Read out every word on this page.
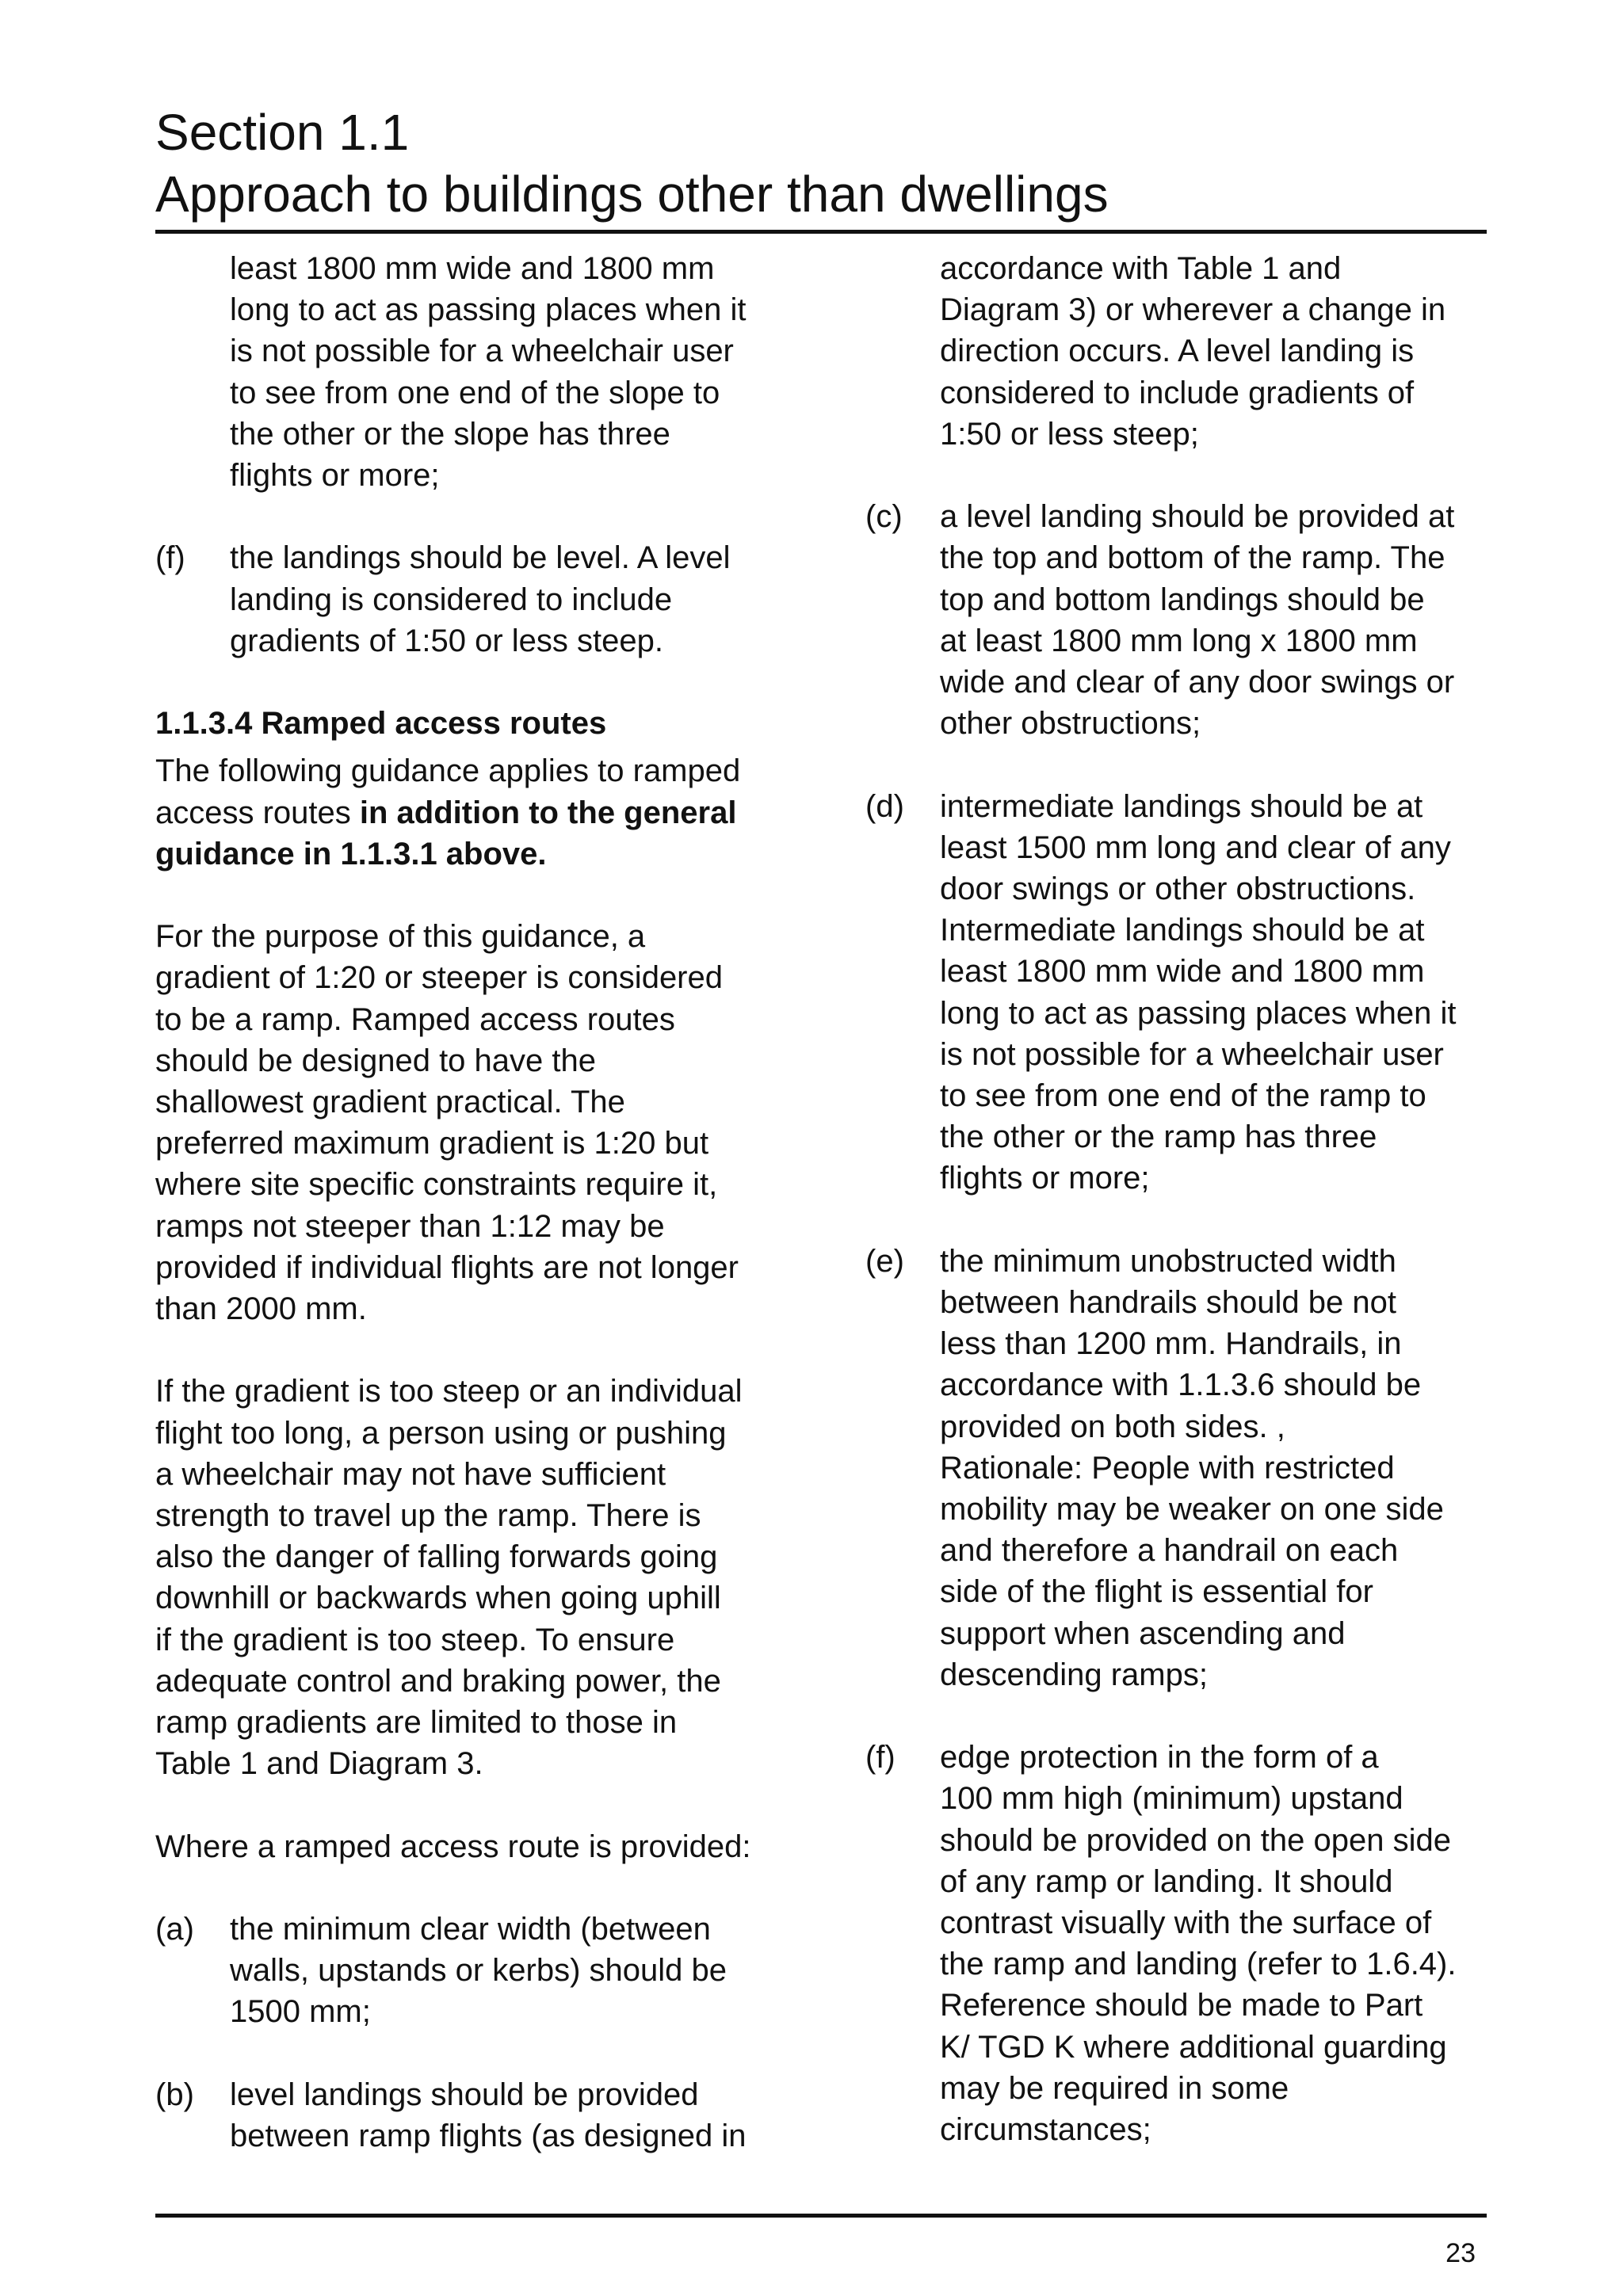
Section 1.1
Approach to buildings other than dwellings
least 1800 mm wide and 1800 mm
long to act as passing places when it
is not possible for a wheelchair user
to see from one end of the slope to
the other or the slope has three
flights or more;
(f) the landings should be level. A level
landing is considered to include
gradients of 1:50 or less steep.
1.1.3.4 Ramped access routes
The following guidance applies to ramped
access routes in addition to the general
guidance in 1.1.3.1 above.
For the purpose of this guidance, a
gradient of 1:20 or steeper is considered
to be a ramp. Ramped access routes
should be designed to have the
shallowest gradient practical. The
preferred maximum gradient is 1:20 but
where site specific constraints require it,
ramps not steeper than 1:12 may be
provided if individual flights are not longer
than 2000 mm.
If the gradient is too steep or an individual
flight too long, a person using or pushing
a wheelchair may not have sufficient
strength to travel up the ramp. There is
also the danger of falling forwards going
downhill or backwards when going uphill
if the gradient is too steep. To ensure
adequate control and braking power, the
ramp gradients are limited to those in
Table 1 and Diagram 3.
Where a ramped access route is provided:
(a) the minimum clear width (between
walls, upstands or kerbs) should be
1500 mm;
(b) level landings should be provided
between ramp flights (as designed in
accordance with Table 1 and
Diagram 3) or wherever a change in
direction occurs. A level landing is
considered to include gradients of
1:50 or less steep;
(c) a level landing should be provided at
the top and bottom of the ramp. The
top and bottom landings should be
at least 1800 mm long x 1800 mm
wide and clear of any door swings or
other obstructions;
(d) intermediate landings should be at
least 1500 mm long and clear of any
door swings or other obstructions.
Intermediate landings should be at
least 1800 mm wide and 1800 mm
long to act as passing places when it
is not possible for a wheelchair user
to see from one end of the ramp to
the other or the ramp has three
flights or more;
(e) the minimum unobstructed width
between handrails should be not
less than 1200 mm. Handrails, in
accordance with 1.1.3.6 should be
provided on both sides. ,
Rationale: People with restricted
mobility may be weaker on one side
and therefore a handrail on each
side of the flight is essential for
support when ascending and
descending ramps;
(f) edge protection in the form of a
100 mm high (minimum) upstand
should be provided on the open side
of any ramp or landing. It should
contrast visually with the surface of
the ramp and landing (refer to 1.6.4).
Reference should be made to Part
K/ TGD K where additional guarding
may be required in some
circumstances;
23
